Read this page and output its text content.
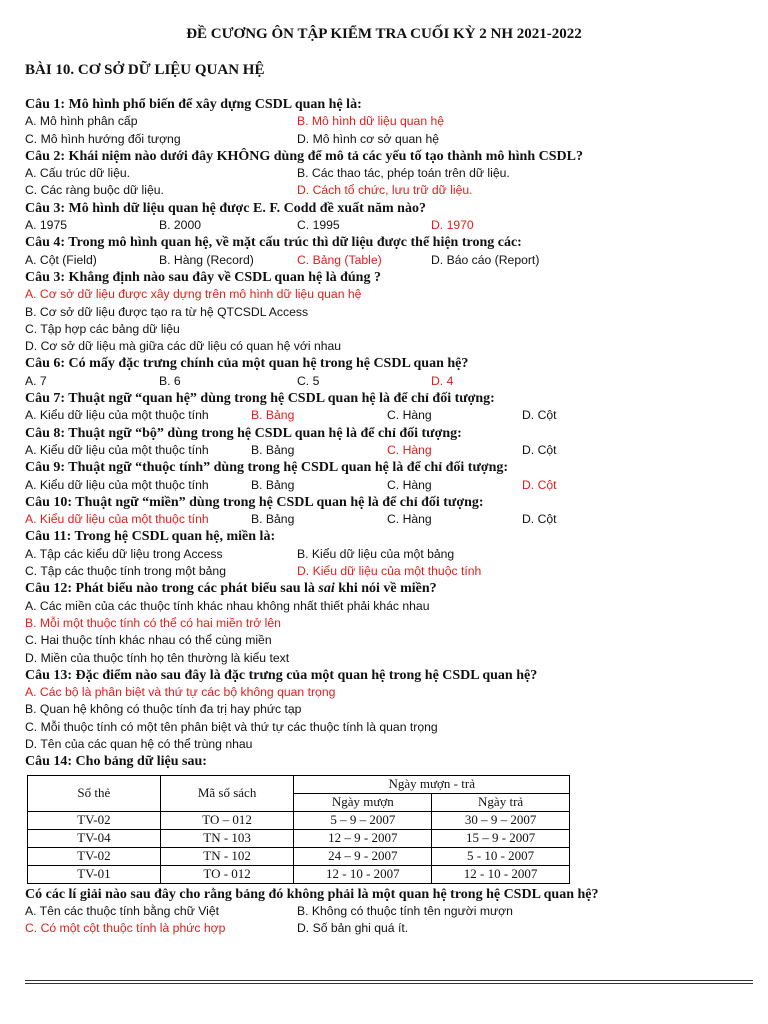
ĐỀ CƯƠNG ÔN TẬP KIỂM TRA CUỐI KỲ 2 NH 2021-2022
BÀI 10. CƠ SỞ DỮ LIỆU QUAN HỆ
Câu 1: Mô hình phổ biến để xây dựng CSDL quan hệ là:
A. Mô hình phân cấp	B. Mô hình dữ liệu quan hệ
C. Mô hình hướng đối tượng	D. Mô hình cơ sở quan hệ
Câu 2: Khái niệm nào dưới đây KHÔNG dùng để mô tả các yếu tố tạo thành mô hình CSDL?
A. Cấu trúc dữ liệu.	B. Các thao tác, phép toán trên dữ liệu.
C. Các ràng buộc dữ liệu.	D. Cách tổ chức, lưu trữ dữ liệu.
Câu 3: Mô hình dữ liệu quan hệ được E. F. Codd đề xuất năm nào?
A. 1975	B. 2000	C. 1995	D. 1970
Câu 4: Trong mô hình quan hệ, về mặt cấu trúc thì dữ liệu được thể hiện trong các:
A. Cột (Field)	B. Hàng (Record)	C. Bảng (Table)	D. Báo cáo (Report)
Câu 3: Khẳng định nào sau đây về CSDL quan hệ là đúng ?
A. Cơ sở dữ liệu được xây dựng trên mô hình dữ liệu quan hệ
B. Cơ sở dữ liệu được tạo ra từ hệ QTCSDL Access
C. Tập hợp các bảng dữ liệu
D. Cơ sở dữ liệu mà giữa các dữ liệu có quan hệ với nhau
Câu 6: Có mấy đặc trưng chính của một quan hệ trong hệ CSDL quan hệ?
A. 7	B. 6	C. 5	D. 4
Câu 7: Thuật ngữ “quan hệ” dùng trong hệ CSDL quan hệ là để chỉ đối tượng:
A. Kiểu dữ liệu của một thuộc tính	B. Bảng	C. Hàng	D. Cột
Câu 8: Thuật ngữ “bộ” dùng trong hệ CSDL quan hệ là để chỉ đối tượng:
A. Kiểu dữ liệu của một thuộc tính	B. Bảng	C. Hàng	D. Cột
Câu 9: Thuật ngữ “thuộc tính” dùng trong hệ CSDL quan hệ là để chỉ đối tượng:
A. Kiểu dữ liệu của một thuộc tính	B. Bảng	C. Hàng	D. Cột
Câu 10: Thuật ngữ “miền” dùng trong hệ CSDL quan hệ là để chỉ đối tượng:
A. Kiểu dữ liệu của một thuộc tính	B. Bảng	C. Hàng	D. Cột
Câu 11: Trong hệ CSDL quan hệ, miền là:
A. Tập các kiểu dữ liệu trong Access	B. Kiểu dữ liệu của một bảng
C. Tập các thuộc tính trong một bảng	D. Kiểu dữ liệu của một thuộc tính
Câu 12: Phát biểu nào trong các phát biểu sau là sai khi nói về miền?
A. Các miền của các thuộc tính khác nhau không nhất thiết phải khác nhau
B. Mỗi một thuộc tính có thể có hai miền trở lên
C. Hai thuộc tính khác nhau có thể cùng miền
D. Miền của thuộc tính họ tên thường là kiểu text
Câu 13: Đặc điểm nào sau đây là đặc trưng của một quan hệ trong hệ CSDL quan hệ?
A. Các bộ là phân biệt và thứ tự các bộ không quan trọng
B. Quan hệ không có thuộc tính đa trị hay phức tạp
C. Mỗi thuộc tính có một tên phân biệt và thứ tự các thuộc tính là quan trọng
D. Tên của các quan hệ có thể trùng nhau
Câu 14: Cho bảng dữ liệu sau:
Số thẻ	Mã số sách	Ngày mượn - trả	
		Ngày mượn	Ngày trả
TV-02	TO – 012	5 – 9 – 2007	30 – 9 – 2007
TV-04	TN - 103	12 – 9 - 2007	15 – 9 - 2007
TV-02	TN - 102	24 – 9 - 2007	5 - 10 - 2007
TV-01	TO - 012	12 - 10 - 2007	12 - 10 - 2007
Có các lí giải nào sau đây cho rằng bảng đó không phải là một quan hệ trong hệ CSDL quan hệ?
A. Tên các thuộc tính bằng chữ Việt	B. Không có thuộc tính tên người mượn
C. Có một cột thuộc tính là phức hợp	D. Số bản ghi quá ít.
